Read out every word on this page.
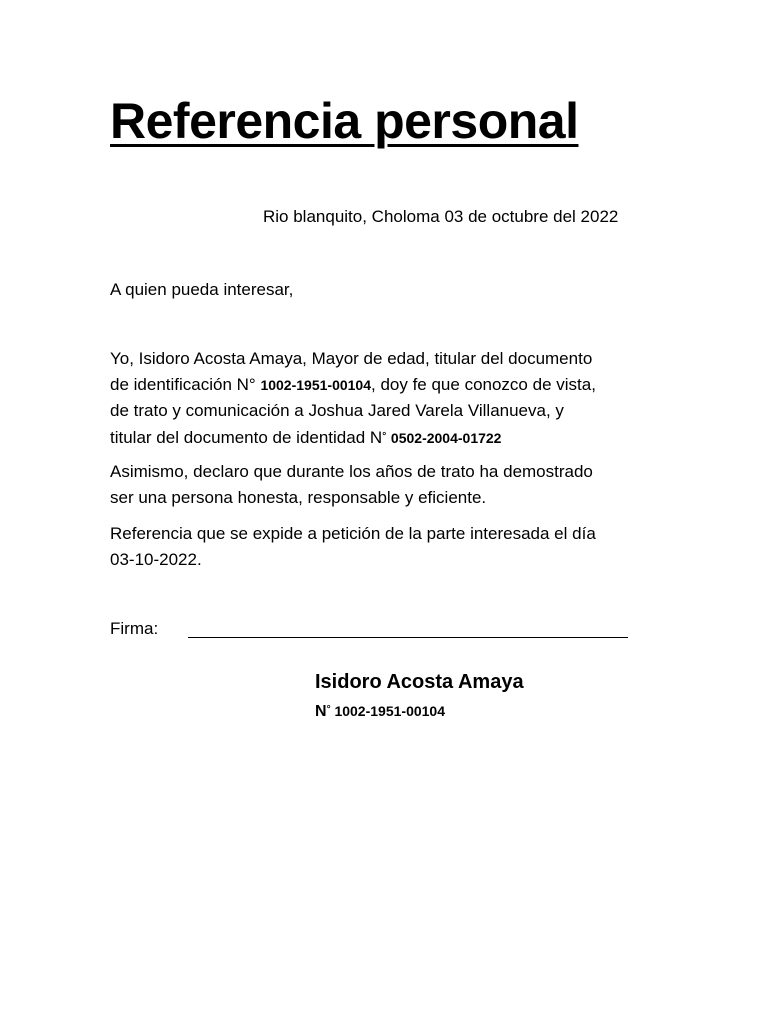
Referencia personal
Rio blanquito, Choloma 03 de octubre del 2022
A quien pueda interesar,
Yo, Isidoro Acosta Amaya, Mayor de edad, titular del documento
de identificación N° 1002-1951-00104, doy fe que conozco de vista,
de trato y comunicación a Joshua Jared Varela Villanueva, y
titular del documento de identidad N° 0502-2004-01722
Asimismo, declaro que durante los años de trato ha demostrado
ser una persona honesta, responsable y eficiente.
Referencia que se expide a petición de la parte interesada el día
03-10-2022.
Firma:
Isidoro Acosta Amaya
N° 1002-1951-00104
